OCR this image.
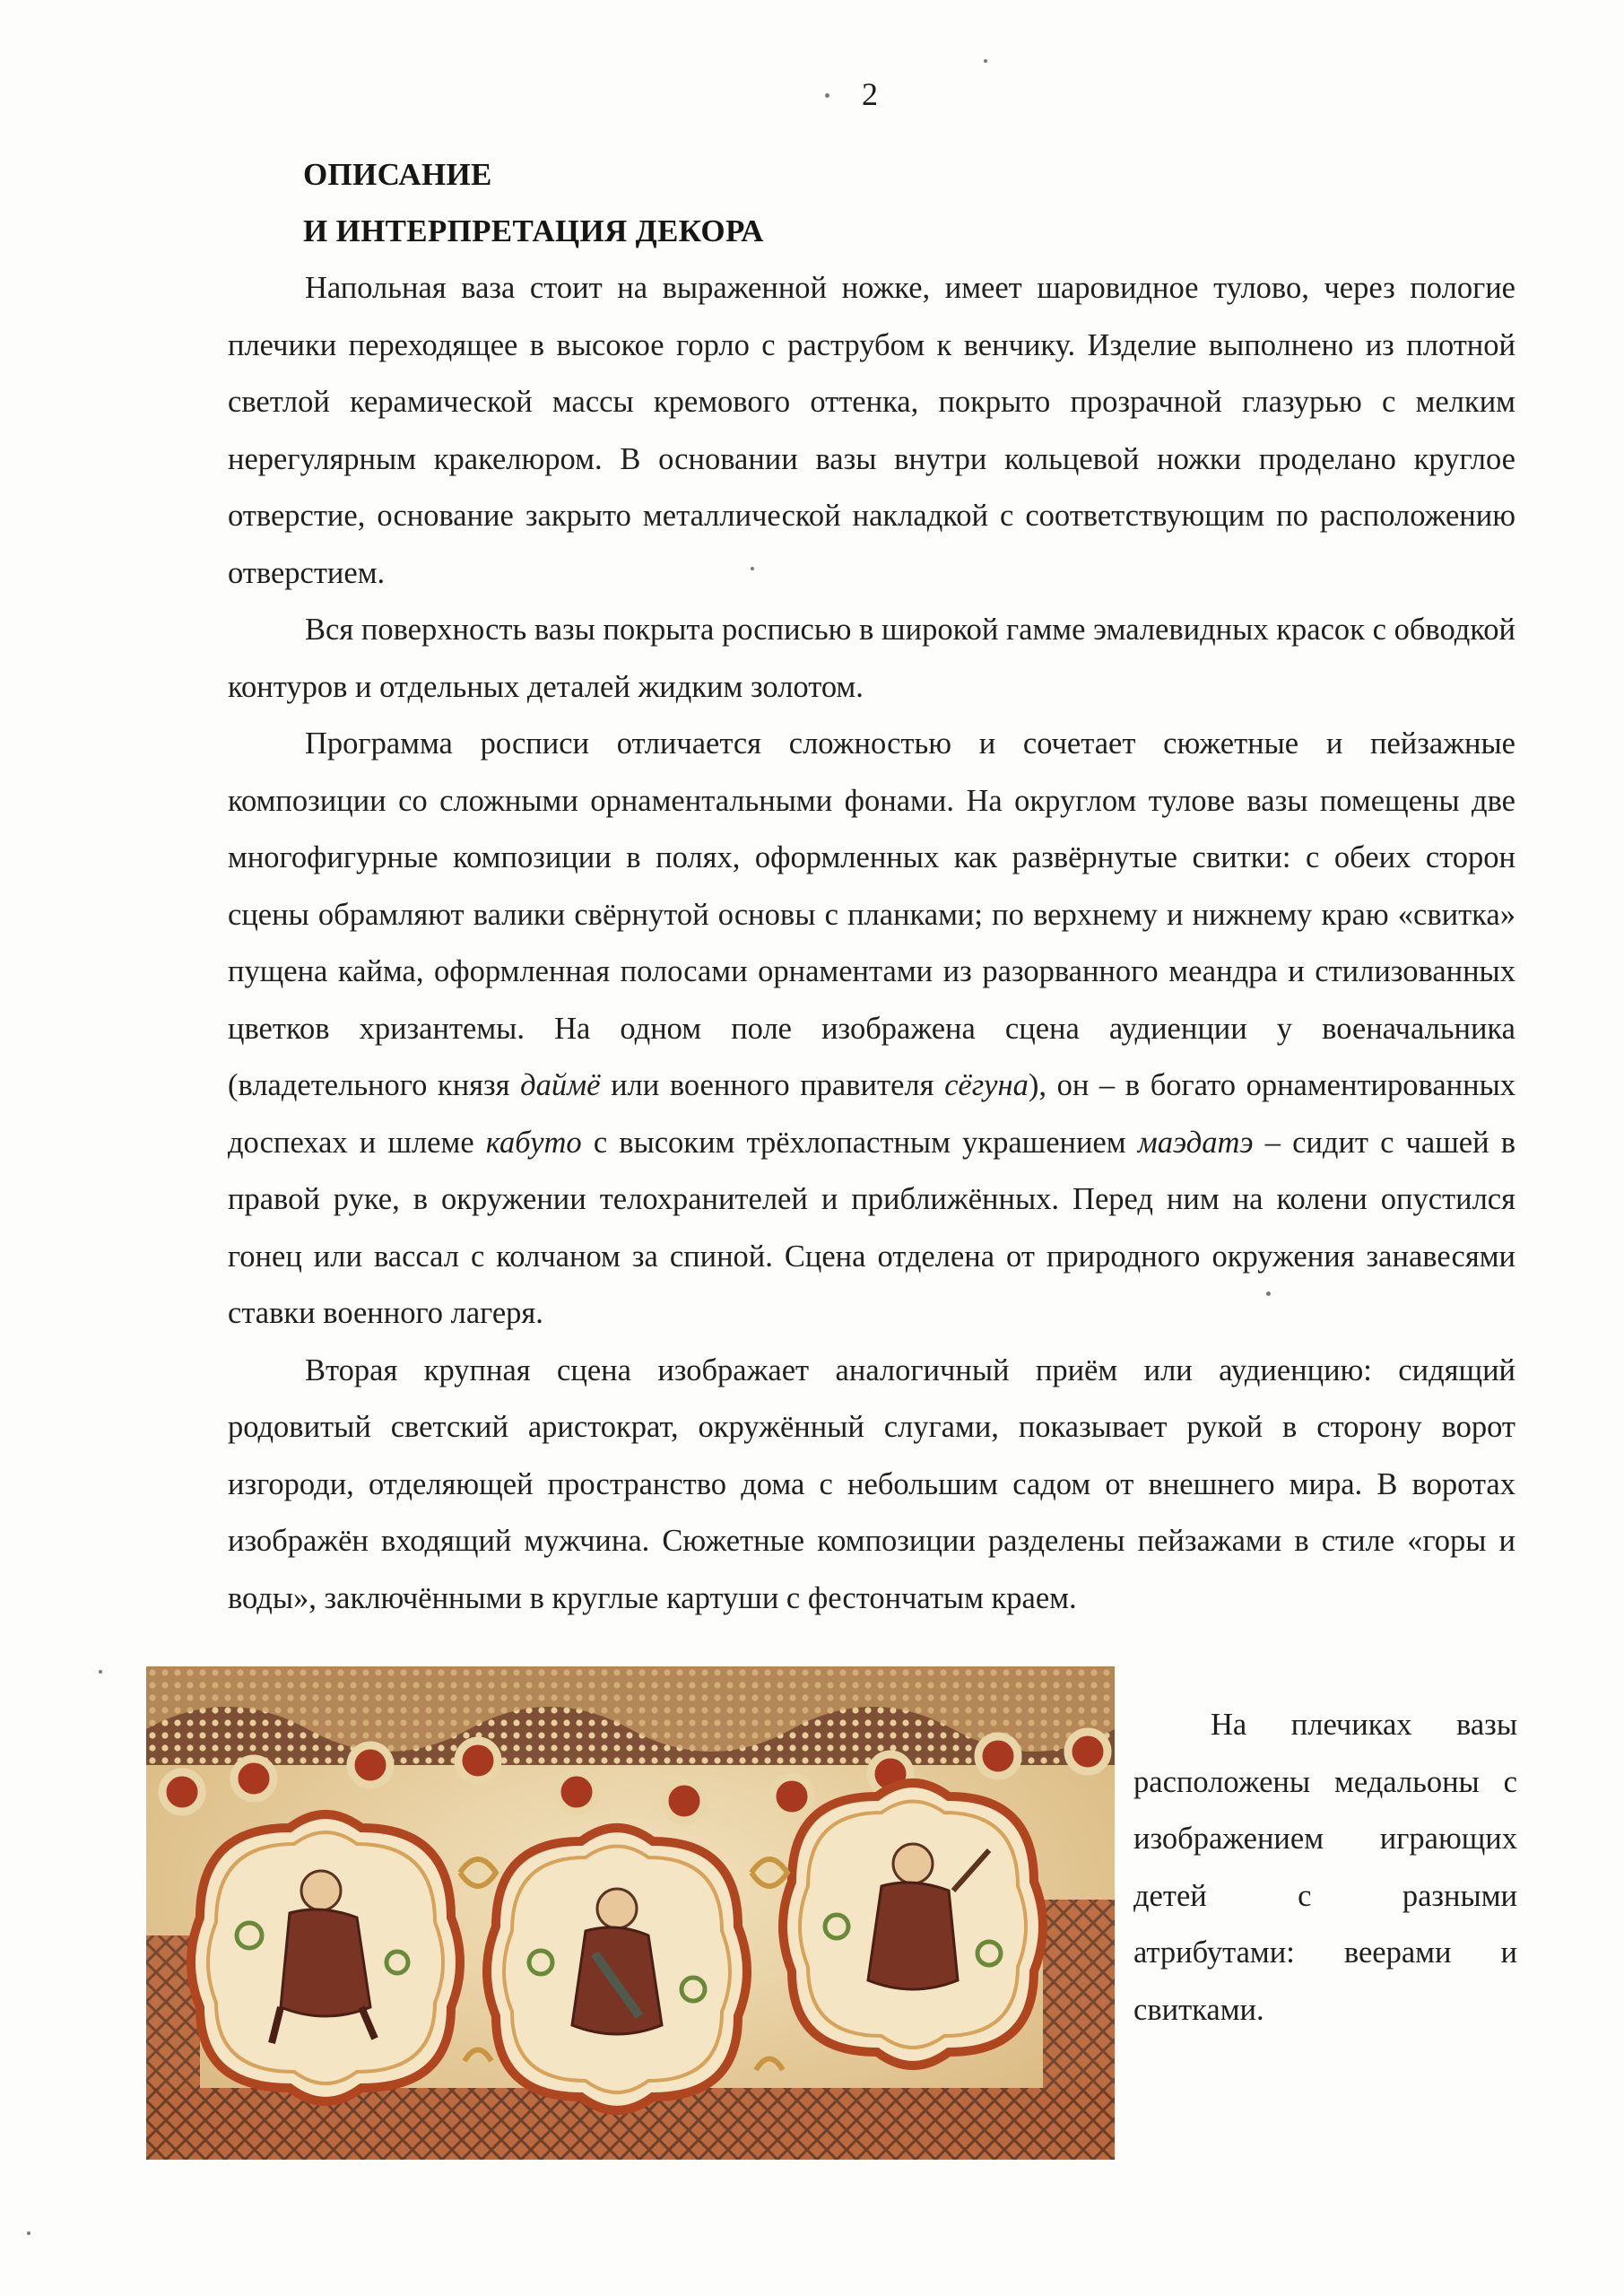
2
ОПИСАНИЕ
И ИНТЕРПРЕТАЦИЯ ДЕКОРА

Напольная ваза стоит на выраженной ножке, имеет шаровидное тулово, через пологие плечики переходящее в высокое горло с раструбом к венчику. Изделие выполнено из плотной светлой керамической массы кремового оттенка, покрыто прозрачной глазурью с мелким нерегулярным кракелюром. В основании вазы внутри кольцевой ножки проделано круглое отверстие, основание закрыто металлической накладкой с соответствующим по расположению отверстием.

Вся поверхность вазы покрыта росписью в широкой гамме эмалевидных красок с обводкой контуров и отдельных деталей жидким золотом.

Программа росписи отличается сложностью и сочетает сюжетные и пейзажные композиции со сложными орнаментальными фонами. На округлом тулове вазы помещены две многофигурные композиции в полях, оформленных как развёрнутые свитки: с обеих сторон сцены обрамляют валики свёрнутой основы с планками; по верхнему и нижнему краю «свитка» пущена кайма, оформленная полосами орнаментами из разорванного меандра и стилизованных цветков хризантемы. На одном поле изображена сцена аудиенции у военачальника (владетельного князя даймё или военного правителя сёгуна), он – в богато орнаментированных доспехах и шлеме кабуто с высоким трёхлопастным украшением маэдатэ – сидит с чашей в правой руке, в окружении телохранителей и приближённых. Перед ним на колени опустился гонец или вассал с колчаном за спиной. Сцена отделена от природного окружения занавесями ставки военного лагеря.

Вторая крупная сцена изображает аналогичный приём или аудиенцию: сидящий родовитый светский аристократ, окружённый слугами, показывает рукой в сторону ворот изгороди, отделяющей пространство дома с небольшим садом от внешнего мира. В воротах изображён входящий мужчина. Сюжетные композиции разделены пейзажами в стиле «горы и воды», заключёнными в круглые картуши с фестончатым краем.

На плечиках вазы расположены медальоны с изображением играющих детей с разными атрибутами: веерами и свитками.
